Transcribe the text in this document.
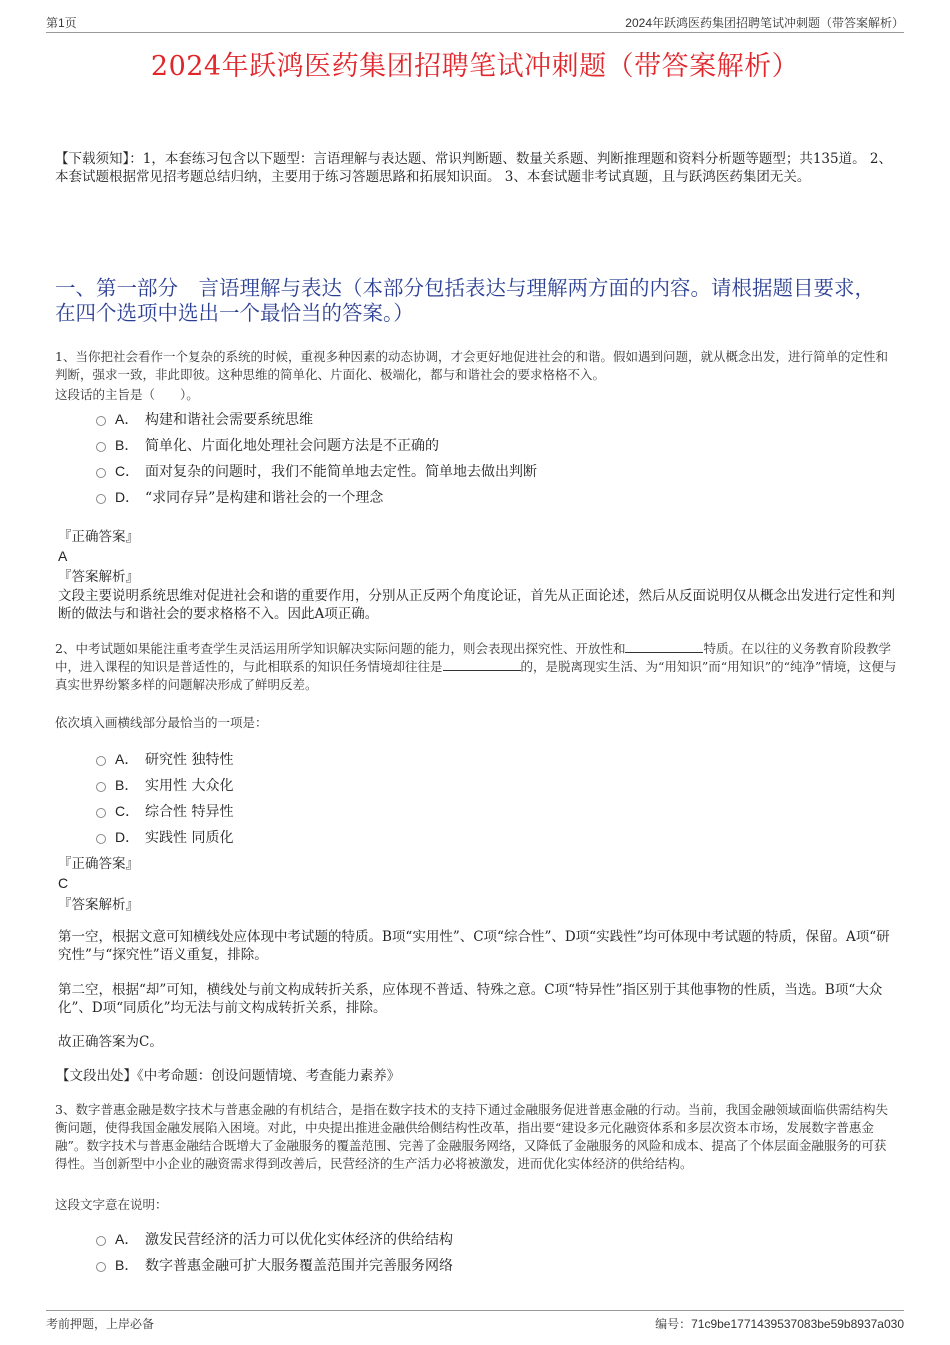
第1页	2024年跃鸿医药集团招聘笔试冲刺题（带答案解析）
2024年跃鸿医药集团招聘笔试冲刺题（带答案解析）
【下载须知】：1，本套练习包含以下题型：言语理解与表达题、常识判断题、数量关系题、判断推理题和资料分析题等题型；共135道。 2、本套试题根据常见招考题总结归纳，主要用于练习答题思路和拓展知识面。 3、本套试题非考试真题，且与跃鸿医药集团无关。
一、第一部分　言语理解与表达（本部分包括表达与理解两方面的内容。请根据题目要求，在四个选项中选出一个最恰当的答案。）
1、当你把社会看作一个复杂的系统的时候，重视多种因素的动态协调，才会更好地促进社会的和谐。假如遇到问题，就从概念出发，进行简单的定性和判断，强求一致，非此即彼。这种思维的简单化、片面化、极端化，都与和谐社会的要求格格不入。
这段话的主旨是（　　）。
A． 构建和谐社会需要系统思维
B． 简单化、片面化地处理社会问题方法是不正确的
C． 面对复杂的问题时，我们不能简单地去定性。简单地去做出判断
D． “求同存异”是构建和谐社会的一个理念
『正确答案』
A
『答案解析』
文段主要说明系统思维对促进社会和谐的重要作用，分别从正反两个角度论证，首先从正面论述，然后从反面说明仅从概念出发进行定性和判断的做法与和谐社会的要求格格不入。因此A项正确。
2、中考试题如果能注重考查学生灵活运用所学知识解决实际问题的能力，则会表现出探究性、开放性和	特质。在以往的义务教育阶段教学中，进入课程的知识是普适性的，与此相联系的知识任务情境却往往是	的，是脱离现实生活、为“用知识”而“用知识”的“纯净”情境，这便与真实世界纷繁多样的问题解决形成了鲜明反差。
依次填入画横线部分最恰当的一项是：
A． 研究性 独特性
B． 实用性 大众化
C． 综合性 特异性
D． 实践性 同质化
『正确答案』
C
『答案解析』
第一空，根据文意可知横线处应体现中考试题的特质。B项“实用性”、C项“综合性”、D项“实践性”均可体现中考试题的特质，保留。A项“研究性”与“探究性”语义重复，排除。
第二空，根据“却”可知，横线处与前文构成转折关系，应体现不普适、特殊之意。C项“特异性”指区别于其他事物的性质，当选。B项“大众化”、D项“同质化”均无法与前文构成转折关系，排除。
故正确答案为C。
【文段出处】《中考命题：创设问题情境、考查能力素养》
3、数字普惠金融是数字技术与普惠金融的有机结合，是指在数字技术的支持下通过金融服务促进普惠金融的行动。当前，我国金融领域面临供需结构失衡问题，使得我国金融发展陷入困境。对此，中央提出推进金融供给侧结构性改革，指出要“建设多元化融资体系和多层次资本市场，发展数字普惠金融”。数字技术与普惠金融结合既增大了金融服务的覆盖范围、完善了金融服务网络，又降低了金融服务的风险和成本、提高了个体层面金融服务的可获得性。当创新型中小企业的融资需求得到改善后，民营经济的生产活力必将被激发，进而优化实体经济的供给结构。
这段文字意在说明：
A． 激发民营经济的活力可以优化实体经济的供给结构
B． 数字普惠金融可扩大服务覆盖范围并完善服务网络
考前押题，上岸必备	编号：71c9be1771439537083be59b8937a030
